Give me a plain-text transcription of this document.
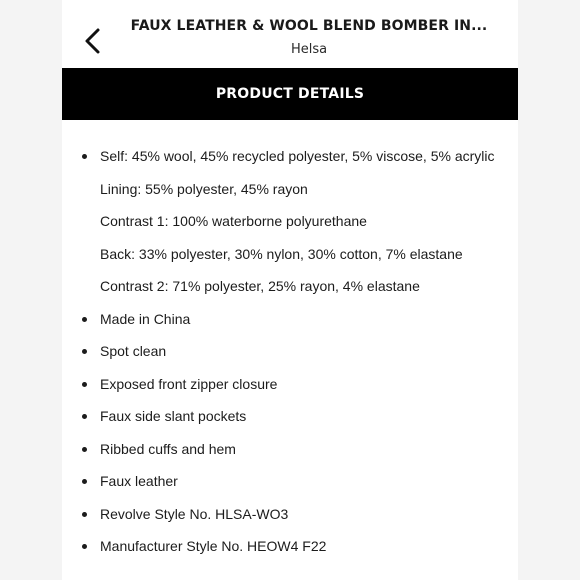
FAUX LEATHER & WOOL BLEND BOMBER IN...
Helsa
PRODUCT DETAILS
Self: 45% wool, 45% recycled polyester, 5% viscose, 5% acrylic
Lining: 55% polyester, 45% rayon
Contrast 1: 100% waterborne polyurethane
Back: 33% polyester, 30% nylon, 30% cotton, 7% elastane
Contrast 2: 71% polyester, 25% rayon, 4% elastane
Made in China
Spot clean
Exposed front zipper closure
Faux side slant pockets
Ribbed cuffs and hem
Faux leather
Revolve Style No. HLSA-WO3
Manufacturer Style No. HEOW4 F22
